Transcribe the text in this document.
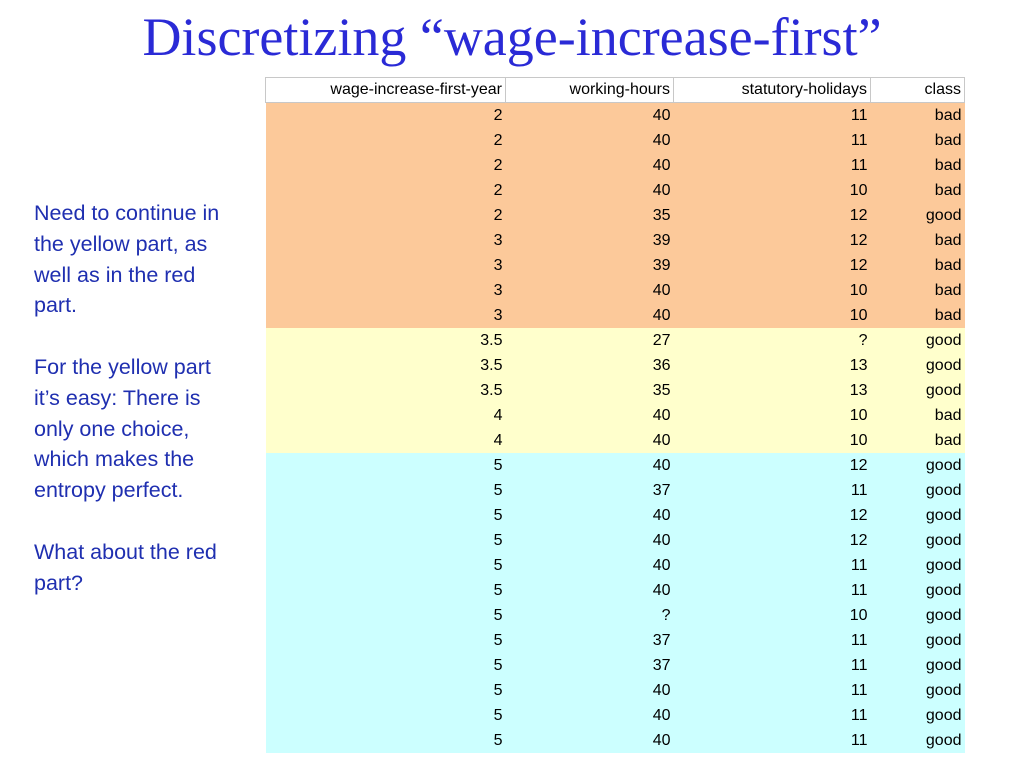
Discretizing “wage-increase-first”

Need to continue in the yellow part, as well as in the red part.

For the yellow part it’s easy: There is only one choice, which makes the entropy perfect.

What about the red part?

wage-increase-first-year	working-hours	statutory-holidays	class
2	40	11	bad
2	40	11	bad
2	40	11	bad
2	40	10	bad
2	35	12	good
3	39	12	bad
3	39	12	bad
3	40	10	bad
3	40	10	bad
3.5	27	?	good
3.5	36	13	good
3.5	35	13	good
4	40	10	bad
4	40	10	bad
5	40	12	good
5	37	11	good
5	40	12	good
5	40	12	good
5	40	11	good
5	40	11	good
5	?	10	good
5	37	11	good
5	37	11	good
5	40	11	good
5	40	11	good
5	40	11	good
